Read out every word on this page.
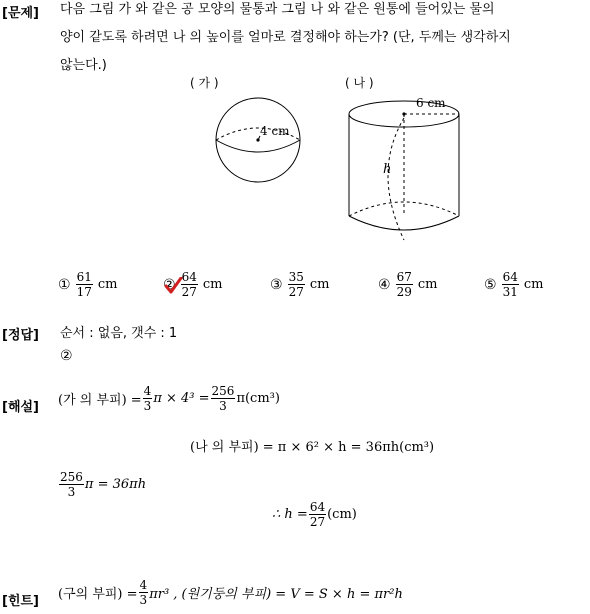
[문제] 다음 그림 가 와 같은 공 모양의 물통과 그림 나 와 같은 원통에 들어있는 물의
양이 같도록 하려면 나 의 높이를 얼마로 결정해야 하는가? (단, 두께는 생각하지
않는다.)
( 가 )	( 나 )
4 cm
6 cm
h
① $\frac{61}{17}$ cm	② $\frac{64}{27}$ cm	③ $\frac{35}{27}$ cm	④ $\frac{67}{29}$ cm	⑤ $\frac{64}{31}$ cm
[정답] 순서 : 없음, 갯수 : 1
②
[해설] (가 의 부피) = $\frac{4}{3}$ $\pi \times 4^3 = \frac{256}{3} \pi(cm^3)$
(나 의 부피) = π × 6² × h = 36πh(cm³)
$\frac{256}{3}$ π = 36πh
∴ $h = \frac{64}{27} (cm)$
[힌트] (구의 부피) = $\frac{4}{3} \pi r^3$ , (원기둥의 부피) = V = S × h = πr²h
